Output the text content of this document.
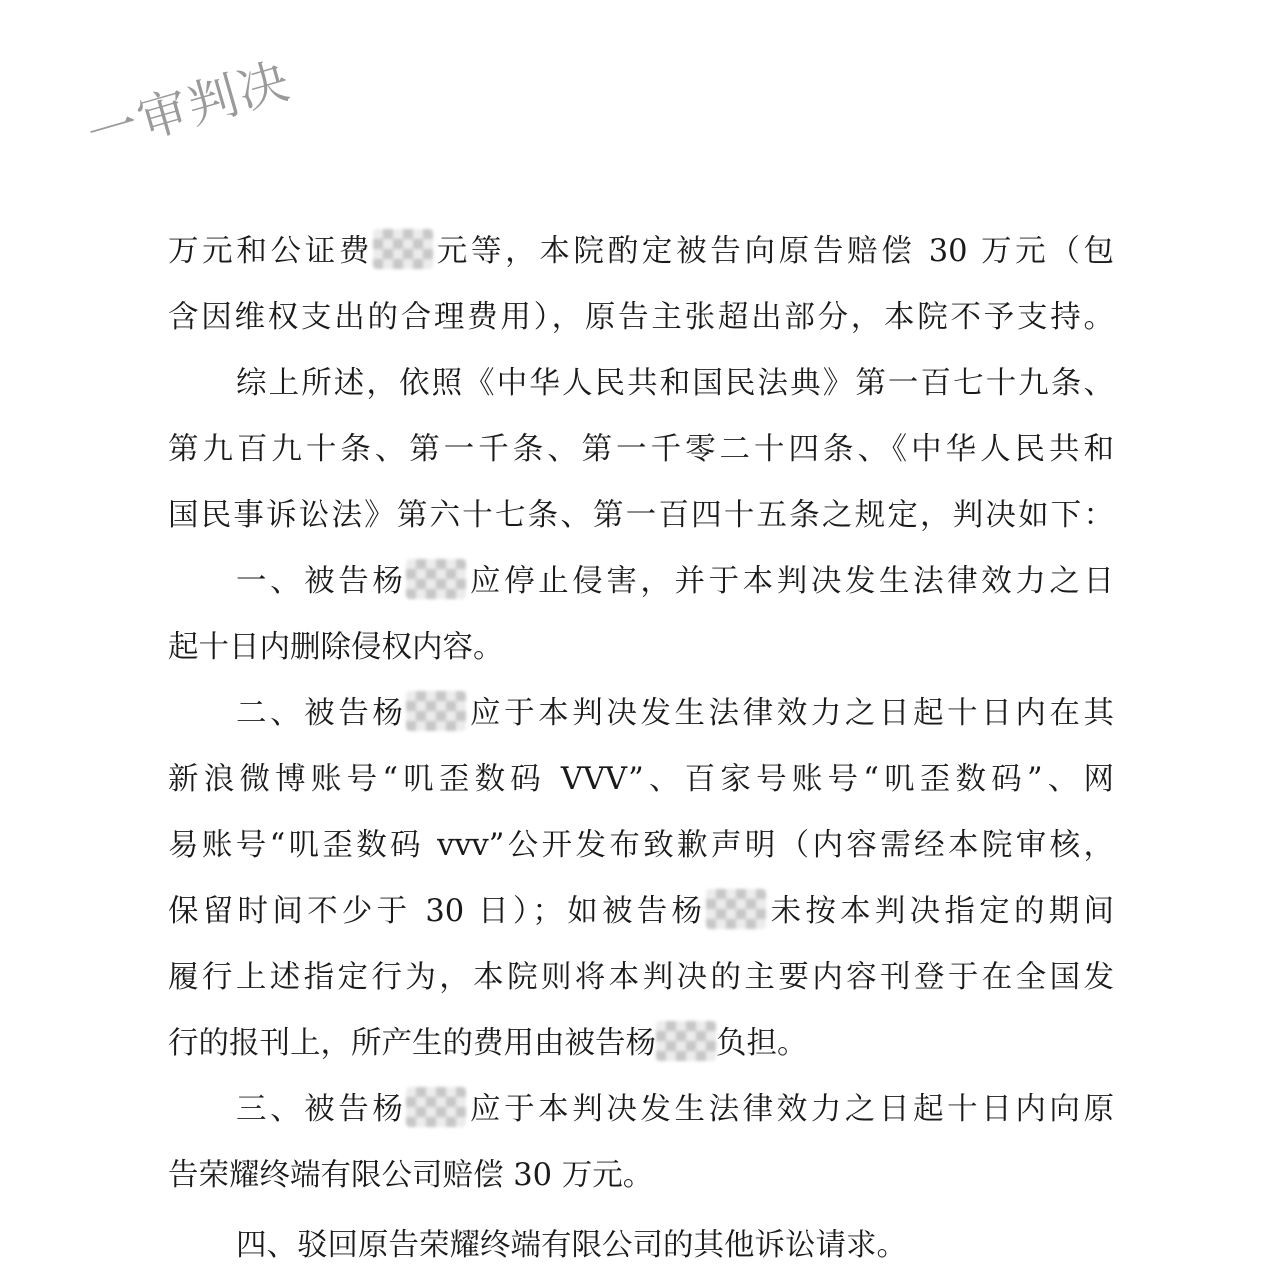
一审判决
万元和公证费 元等，本院酌定被告向原告赔偿 30 万元（包
含因维权支出的合理费用），原告主张超出部分，本院不予支持。
综上所述，依照《中华人民共和国民法典》第一百七十九条、
第九百九十条、第一千条、第一千零二十四条、《中华人民共和
国民事诉讼法》第六十七条、第一百四十五条之规定，判决如下：
一、被告杨 应停止侵害，并于本判决发生法律效力之日
起十日内删除侵权内容。
二、被告杨 应于本判决发生法律效力之日起十日内在其
新浪微博账号“叽歪数码 VVV”、百家号账号“叽歪数码”、网
易账号“叽歪数码 vvv”公开发布致歉声明（内容需经本院审核，
保留时间不少于 30 日）；如被告杨 未按本判决指定的期间
履行上述指定行为，本院则将本判决的主要内容刊登于在全国发
行的报刊上，所产生的费用由被告杨 负担。
三、被告杨 应于本判决发生法律效力之日起十日内向原
告荣耀终端有限公司赔偿 30 万元。
四、驳回原告荣耀终端有限公司的其他诉讼请求。
